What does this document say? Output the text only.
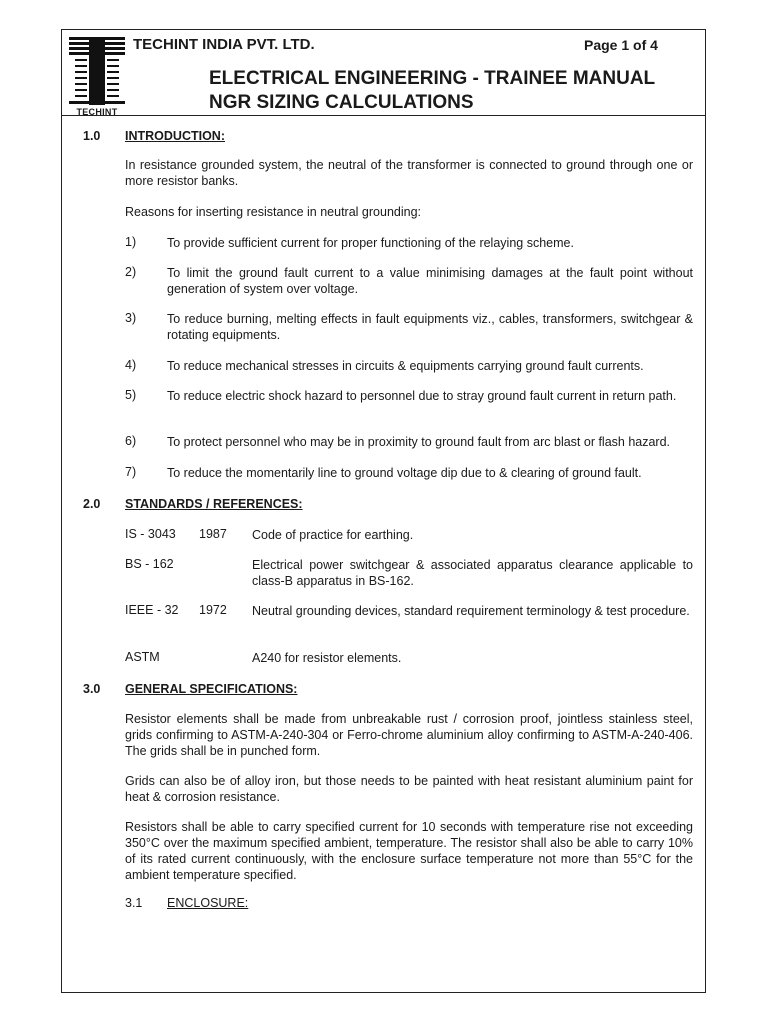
TECHINT
TECHINT INDIA PVT. LTD.	Page 1 of 4
ELECTRICAL ENGINEERING - TRAINEE MANUAL
NGR SIZING CALCULATIONS
1.0 INTRODUCTION:

In resistance grounded system, the neutral of the transformer is connected to ground through one or more resistor banks.

Reasons for inserting resistance in neutral grounding:

1) To provide sufficient current for proper functioning of the relaying scheme.

2) To limit the ground fault current to a value minimising damages at the fault point without generation of system over voltage.

3) To reduce burning, melting effects in fault equipments viz., cables, transformers, switchgear & rotating equipments.

4) To reduce mechanical stresses in circuits & equipments carrying ground fault currents.

5) To reduce electric shock hazard to personnel due to stray ground fault current in return path.

6) To protect personnel who may be in proximity to ground fault from arc blast or flash hazard.

7) To reduce the momentarily line to ground voltage dip due to & clearing of ground fault.

2.0 STANDARDS / REFERENCES:
IS - 3043 1987 Code of practice for earthing.

BS - 162	Electrical power switchgear & associated apparatus clearance applicable to class-B apparatus in BS-162.

IEEE - 32 1972 Neutral grounding devices, standard requirement terminology & test procedure.

ASTM	A240 for resistor elements.

3.0 GENERAL SPECIFICATIONS:

Resistor elements shall be made from unbreakable rust / corrosion proof, jointless stainless steel, grids confirming to ASTM-A-240-304 or Ferro-chrome aluminium alloy confirming to ASTM-A-240-406. The grids shall be in punched form.

Grids can also be of alloy iron, but those needs to be painted with heat resistant aluminium paint for heat & corrosion resistance.

Resistors shall be able to carry specified current for 10 seconds with temperature rise not exceeding 350°C over the maximum specified ambient, temperature. The resistor shall also be able to carry 10% of its rated current continuously, with the enclosure surface temperature not more than 55°C for the ambient temperature specified.

3.1 ENCLOSURE:
